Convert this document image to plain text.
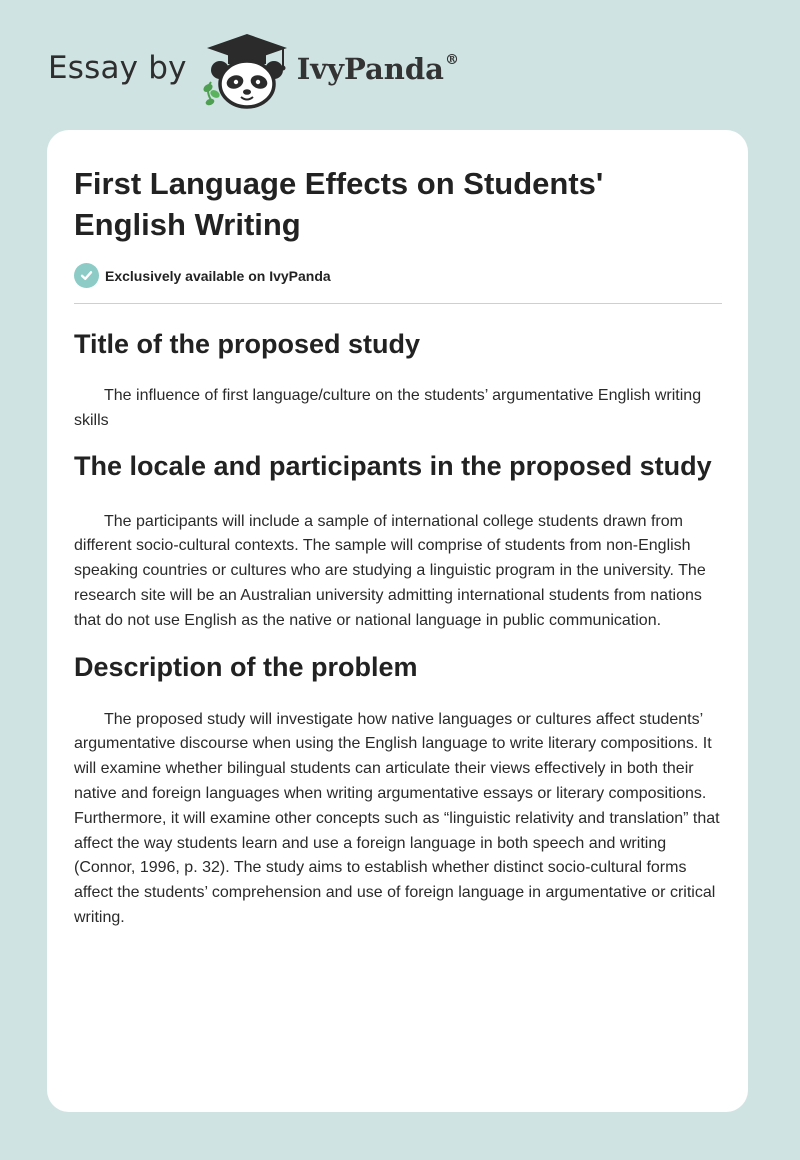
Essay by	IvyPanda®
First Language Effects on Students' English Writing
Exclusively available on IvyPanda
Title of the proposed study

The influence of first language/culture on the students’ argumentative English writing skills

The locale and participants in the proposed study

The participants will include a sample of international college students drawn from different socio-cultural contexts. The sample will comprise of students from non-English speaking countries or cultures who are studying a linguistic program in the university. The research site will be an Australian university admitting international students from nations that do not use English as the native or national language in public communication.

Description of the problem

The proposed study will investigate how native languages or cultures affect students’ argumentative discourse when using the English language to write literary compositions. It will examine whether bilingual students can articulate their views effectively in both their native and foreign languages when writing argumentative essays or literary compositions. Furthermore, it will examine other concepts such as “linguistic relativity and translation” that affect the way students learn and use a foreign language in both speech and writing (Connor, 1996, p. 32). The study aims to establish whether distinct socio-cultural forms affect the students’ comprehension and use of foreign language in argumentative or critical writing.
